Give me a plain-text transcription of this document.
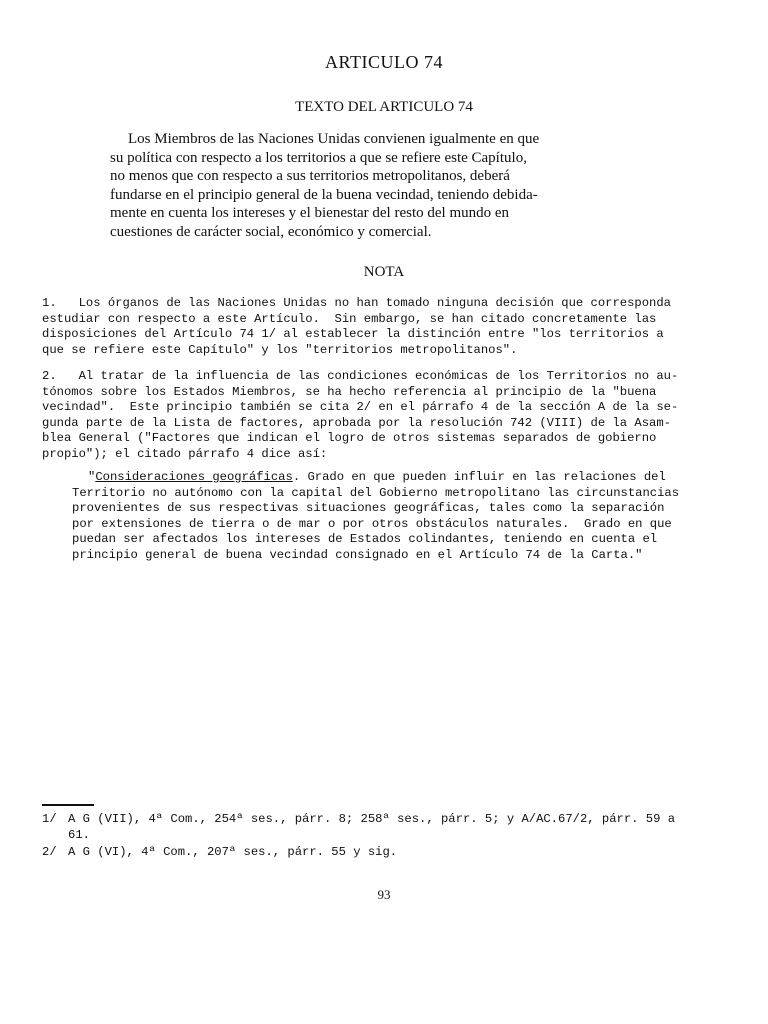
ARTICULO 74
TEXTO DEL ARTICULO 74
Los Miembros de las Naciones Unidas convienen igualmente en que
su política con respecto a los territorios a que se refiere este Capítulo,
no menos que con respecto a sus territorios metropolitanos, deberá
fundarse en el principio general de la buena vecindad, teniendo debida-
mente en cuenta los intereses y el bienestar del resto del mundo en
cuestiones de carácter social, económico y comercial.
NOTA
1.   Los órganos de las Naciones Unidas no han tomado ninguna decisión que corresponda
estudiar con respecto a este Artículo.  Sin embargo, se han citado concretamente las
disposiciones del Artículo 74 1/ al establecer la distinción entre "los territorios a
que se refiere este Capítulo" y los "territorios metropolitanos".
2.   Al tratar de la influencia de las condiciones económicas de los Territorios no au-
tónomos sobre los Estados Miembros, se ha hecho referencia al principio de la "buena
vecindad".  Este principio también se cita 2/ en el párrafo 4 de la sección A de la se-
gunda parte de la Lista de factores, aprobada por la resolución 742 (VIII) de la Asam-
blea General ("Factores que indican el logro de otros sistemas separados de gobierno
propio"); el citado párrafo 4 dice así:
"Consideraciones geográficas. Grado en que pueden influir en las relaciones del
Territorio no autónomo con la capital del Gobierno metropolitano las circunstancias
provenientes de sus respectivas situaciones geográficas, tales como la separación
por extensiones de tierra o de mar o por otros obstáculos naturales.  Grado en que
puedan ser afectados los intereses de Estados colindantes, teniendo en cuenta el
principio general de buena vecindad consignado en el Artículo 74 de la Carta."
1/ A G (VII), 4ª Com., 254ª ses., párr. 8; 258ª ses., párr. 5; y A/AC.67/2, párr. 59 a
61.
2/ A G (VI), 4ª Com., 207ª ses., párr. 55 y sig.
93
